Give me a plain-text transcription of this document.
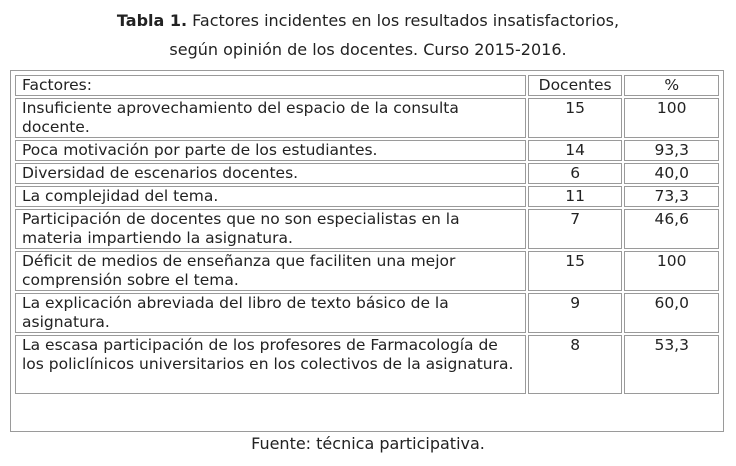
Tabla 1. Factores incidentes en los resultados insatisfactorios,
según opinión de los docentes. Curso 2015-2016.
Factores:	Docentes	%
Insuficiente aprovechamiento del espacio de la consulta docente.	15	100
Poca motivación por parte de los estudiantes.	14	93,3
Diversidad de escenarios docentes.	6	40,0
La complejidad del tema.	11	73,3
Participación de docentes que no son especialistas en la materia impartiendo la asignatura.	7	46,6
Déficit de medios de enseñanza que faciliten una mejor comprensión sobre el tema.	15	100
La explicación abreviada del libro de texto básico de la asignatura.	9	60,0
La escasa participación de los profesores de Farmacología de los policlínicos universitarios en los colectivos de la asignatura.	8	53,3
Fuente: técnica participativa.
